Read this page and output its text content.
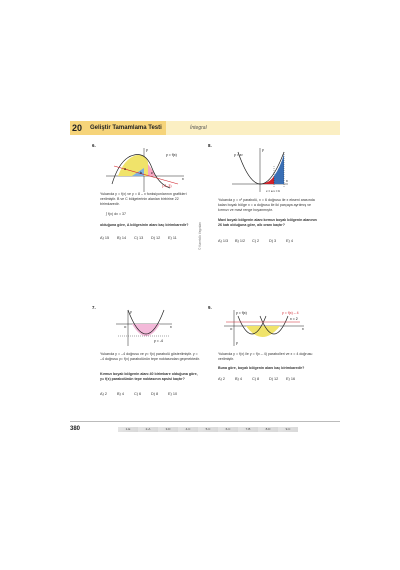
20	Geliştir Tamamlama Testi	İntegral
6.
y = f(x)
(-3,-3)
a
b	c
x
y
Yukarıda y = f(x) ve y = 8 – x fonksiyonlarının grafikleri verilmiştir. B ve C bölgelerinin alanları birbirine 22 birimkaredir.
∫ f(x) dx = 37
olduğuna göre, A bölgesinin alanı kaç birimkaredir?
A) 15	B) 14	C) 13	D) 12	E) 11
8.
y = x²
x = a x = b
x
y
Yukarıda y = x² parabolü, x = 6 doğrusu ile x ekseni arasında kalan boyalı bölge x = a doğrusu ile iki parçaya ayrılmış ve kırmızı ve mavi renge boyanmıştır.
Mavi boyalı bölgenin alanı kırmızı boyalı bölgenin alanının 26 katı olduğuna göre, a/b oranı kaçtır?
A) 1/3	B) 1/2	C) 2	D) 3	E) 4
© Karekök Yayınları
7.
y = -4
x
y
O
Yukarıda y = –4 doğrusu ve y= f(x) parabolü gösterilmiştir. y = –4 doğrusu y= f(x) parabolünün tepe noktasından geçmektedir.
Kırmızı boyalı bölgenin alanı 40 birimkare olduğuna göre, y= f(x) parabolünün tepe noktasının apsisi kaçtır?
A) 2	B) 4	C) 6	D) 8	E) 10
9.
y = f(x)	y = f(x) – 4
x = 2
x
y
O
Yukarıda y = f(x) ile y = f(x – 4) parabolleri ve x = 4 doğrusu verilmiştir.
Buna göre, boyalı bölgenin alanı kaç birimkaredir?
A) 2	B) 4	C) 8	D) 12	E) 16
380	1-E	2-A	3-D	4-C	5-C	6-C	7-B	8-D	9-C
